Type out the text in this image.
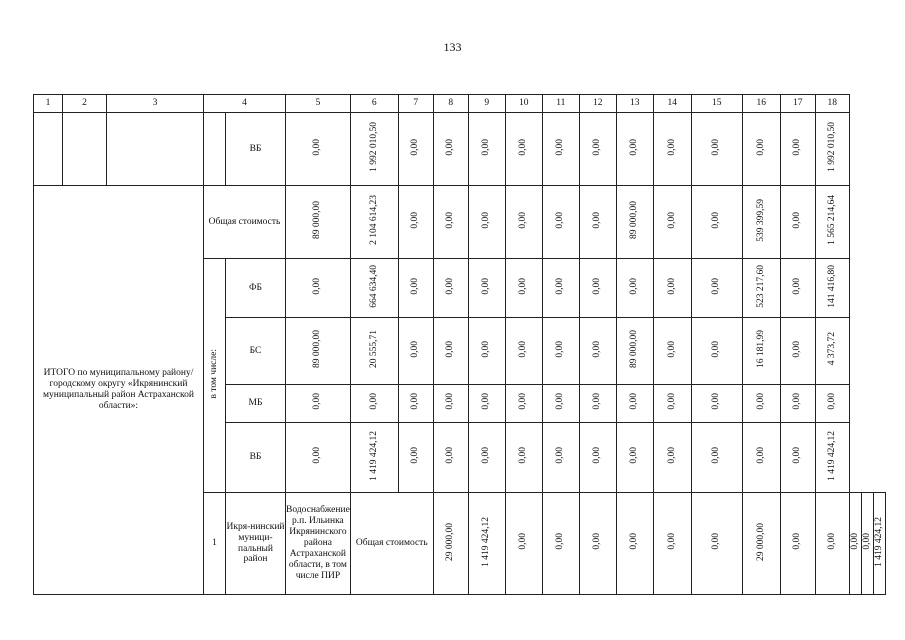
133
1	2	3	4		5	6	7	8	9	10	11	12	13	14	15	16	17	18			
				ВБ	0,00	1 992 010,50	0,00	0,00	0,00	0,00	0,00	0,00	0,00	0,00	0,00	0,00	0,00	1 992 010,50			
ИТОГО по муниципальному району/ городскому округу «Икрянинский муниципальный район Астраханской области»:			Общая стоимость		89 000,00	2 104 614,23	0,00	0,00	0,00	0,00	0,00	0,00	89 000,00	0,00	0,00	539 399,59	0,00	1 565 214,64			
			в том числе:	ФБ	0,00	664 634,40	0,00	0,00	0,00	0,00	0,00	0,00	0,00	0,00	0,00	523 217,60	0,00	141 416,80			
				БС	89 000,00	20 555,71	0,00	0,00	0,00	0,00	0,00	0,00	89 000,00	0,00	0,00	16 181,99	0,00	4 373,72			
				МБ	0,00	0,00	0,00	0,00	0,00	0,00	0,00	0,00	0,00	0,00	0,00	0,00	0,00	0,00			
				ВБ	0,00	1 419 424,12	0,00	0,00	0,00	0,00	0,00	0,00	0,00	0,00	0,00	0,00	0,00	1 419 424,12			
			1	Икря-нинский муници-пальный район	Водоснабжение р.п. Ильинка Икрянинского района Астраханской области, в том числе ПИР	Общая стоимость		29 000,00	1 419 424,12	0,00	0,00	0,00	0,00	0,00	0,00	29 000,00	0,00	0,00	0,00	0,00	1 419 424,12
